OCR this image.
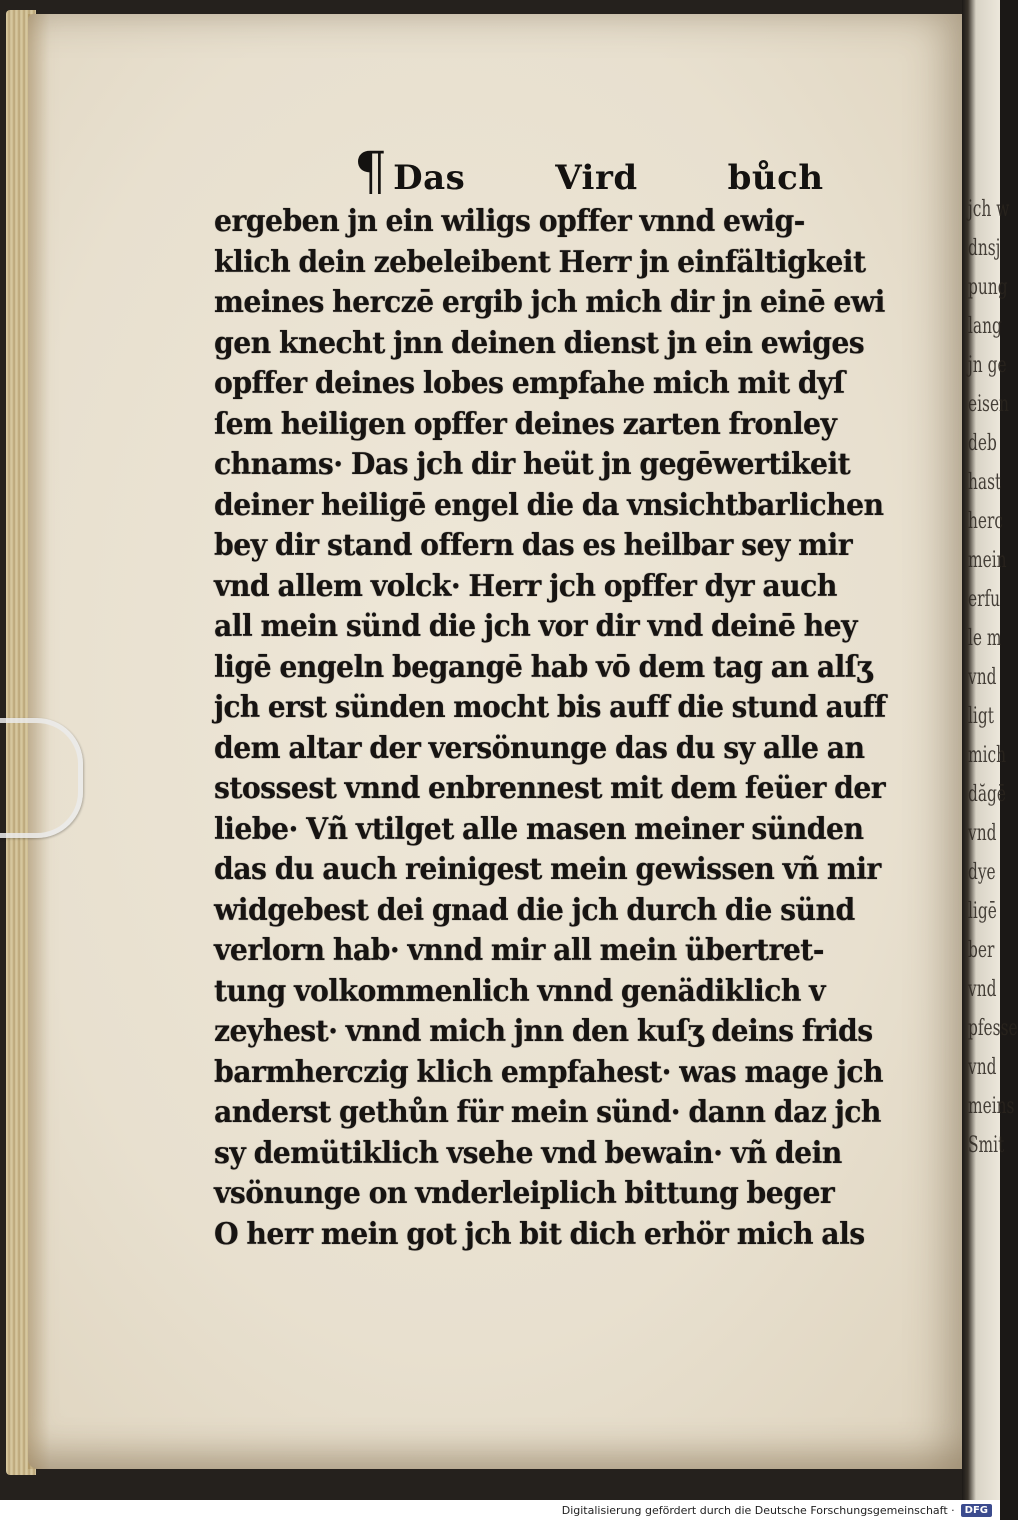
jch w
dnsj
pung
lang
jn ge
eisen
deb
hast
herc
mein
erfu
le m
vnd
ligt
mich
dăgē
vnd
dye
ligē
ber
vnd
pfesse
vnd
meins
Smit
¶ Das	Vird	bůch
ergeben jn ein wiligs opffer vnnd ewig-
klich dein zebeleibent Herr jn einfältigkeit
meines herczē ergib jch mich dir jn einē ewi
gen knecht jnn deinen dienst jn ein ewiges
opffer deines lobes empfahe mich mit dyſ
ſem heiligen opffer deines zarten fronley
chnams· Das jch dir heüt jn gegēwertikeit
deiner heiligē engel die da vnsichtbarlichen
bey dir stand offern das es heilbar sey mir
vnd allem volck· Herr jch opffer dyr auch
all mein sünd die jch vor dir vnd deinē hey
ligē engeln begangē hab vō dem tag an alſʒ
jch erst sünden mocht bis auff die stund auff
dem altar der versönunge das du sy alle an
stossest vnnd enbrennest mit dem feüer der
liebe· Vñ vtilget alle masen meiner sünden
das du auch reinigest mein gewissen vñ mir
widgebest dei gnad die jch durch die sünd
verlorn hab· vnnd mir all mein übertret-
tung volkommenlich vnnd genädiklich v
zeyhest· vnnd mich jnn den kuſʒ deins frids
barmherczig klich empfahest· was mage jch
anderst gethůn für mein sünd· dann daz jch
sy demütiklich vsehe vnd bewain· vñ dein
vsönunge on vnderleiplich bittung beger
O herr mein got jch bit dich erhör mich als
Digitalisierung gefördert durch die Deutsche Forschungsgemeinschaft ·	DFG
